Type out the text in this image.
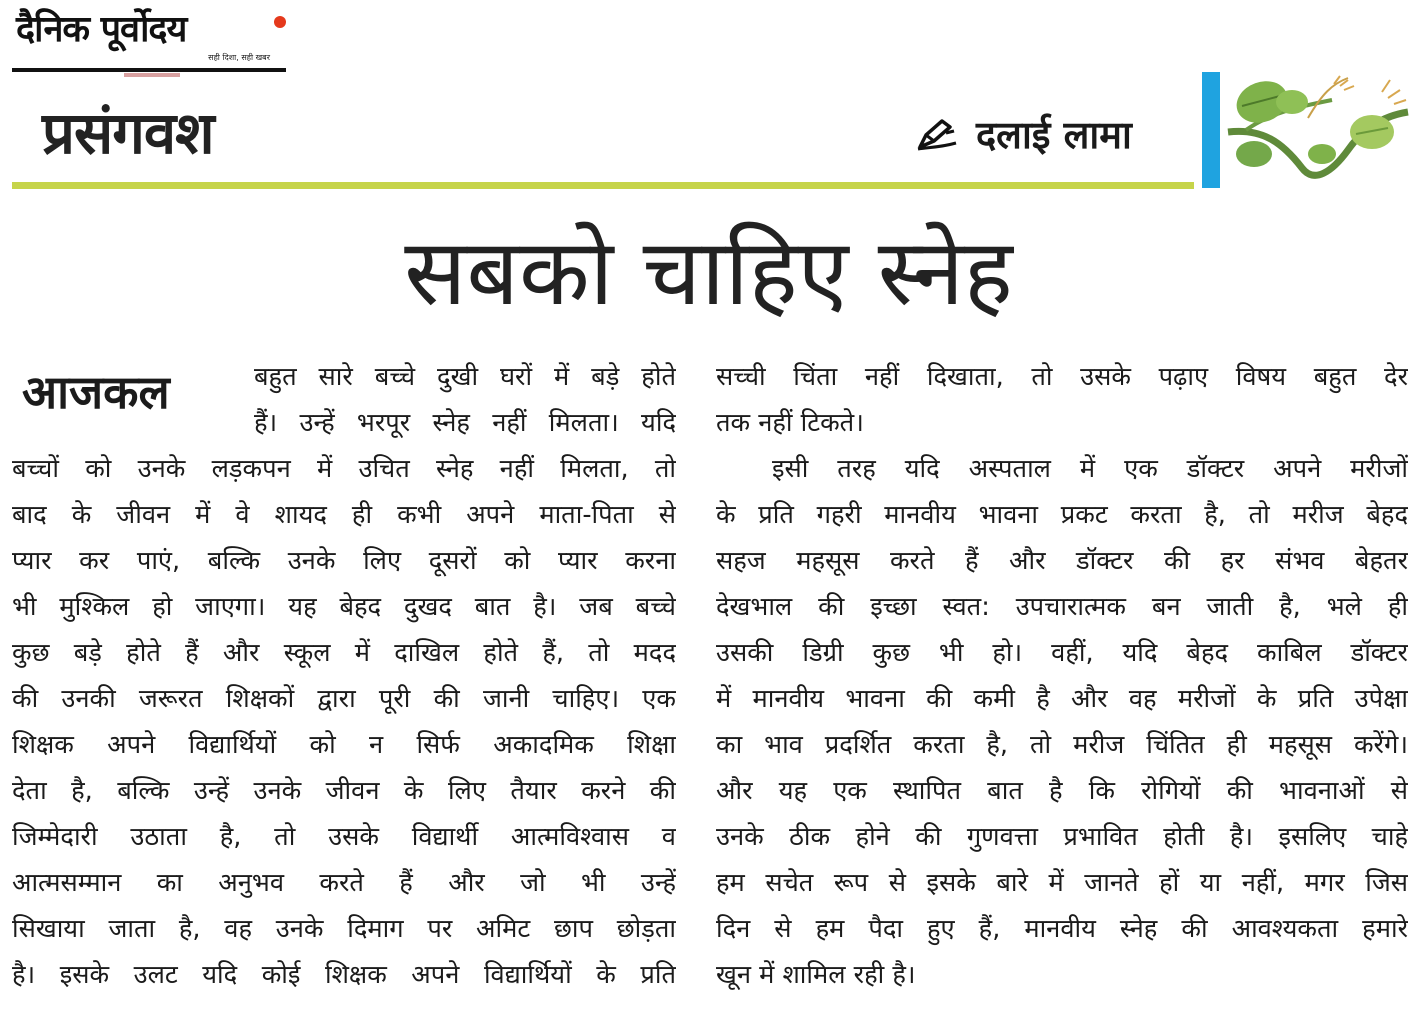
दैनिक पूर्वोदय
सही दिशा, सही खबर
प्रसंगवश	दलाई लामा
सबको चाहिए स्नेह
आजकल	बहुत सारे बच्चे दुखी घरों में बड़े होते
हैं। उन्हें भरपूर स्नेह नहीं मिलता। यदि
बच्चों को उनके लड़कपन में उचित स्नेह नहीं मिलता, तो
बाद के जीवन में वे शायद ही कभी अपने माता-पिता से
प्यार कर पाएं, बल्कि उनके लिए दूसरों को प्यार करना
भी मुश्किल हो जाएगा। यह बेहद दुखद बात है। जब बच्चे
कुछ बड़े होते हैं और स्कूल में दाखिल होते हैं, तो मदद
की उनकी जरूरत शिक्षकों द्वारा पूरी की जानी चाहिए। एक
शिक्षक अपने विद्यार्थियों को न सिर्फ अकादमिक शिक्षा
देता है, बल्कि उन्हें उनके जीवन के लिए तैयार करने की
जिम्मेदारी उठाता है, तो उसके विद्यार्थी आत्मविश्वास व
आत्मसम्मान का अनुभव करते हैं और जो भी उन्हें
सिखाया जाता है, वह उनके दिमाग पर अमिट छाप छोड़ता
है। इसके उलट यदि कोई शिक्षक अपने विद्यार्थियों के प्रति
सच्ची चिंता नहीं दिखाता, तो उसके पढ़ाए विषय बहुत देर
तक नहीं टिकते।
इसी तरह यदि अस्पताल में एक डॉक्टर अपने मरीजों
के प्रति गहरी मानवीय भावना प्रकट करता है, तो मरीज बेहद
सहज महसूस करते हैं और डॉक्टर की हर संभव बेहतर
देखभाल की इच्छा स्वत: उपचारात्मक बन जाती है, भले ही
उसकी डिग्री कुछ भी हो। वहीं, यदि बेहद काबिल डॉक्टर
में मानवीय भावना की कमी है और वह मरीजों के प्रति उपेक्षा
का भाव प्रदर्शित करता है, तो मरीज चिंतित ही महसूस करेंगे।
और यह एक स्थापित बात है कि रोगियों की भावनाओं से
उनके ठीक होने की गुणवत्ता प्रभावित होती है। इसलिए चाहे
हम सचेत रूप से इसके बारे में जानते हों या नहीं, मगर जिस
दिन से हम पैदा हुए हैं, मानवीय स्नेह की आवश्यकता हमारे
खून में शामिल रही है।
